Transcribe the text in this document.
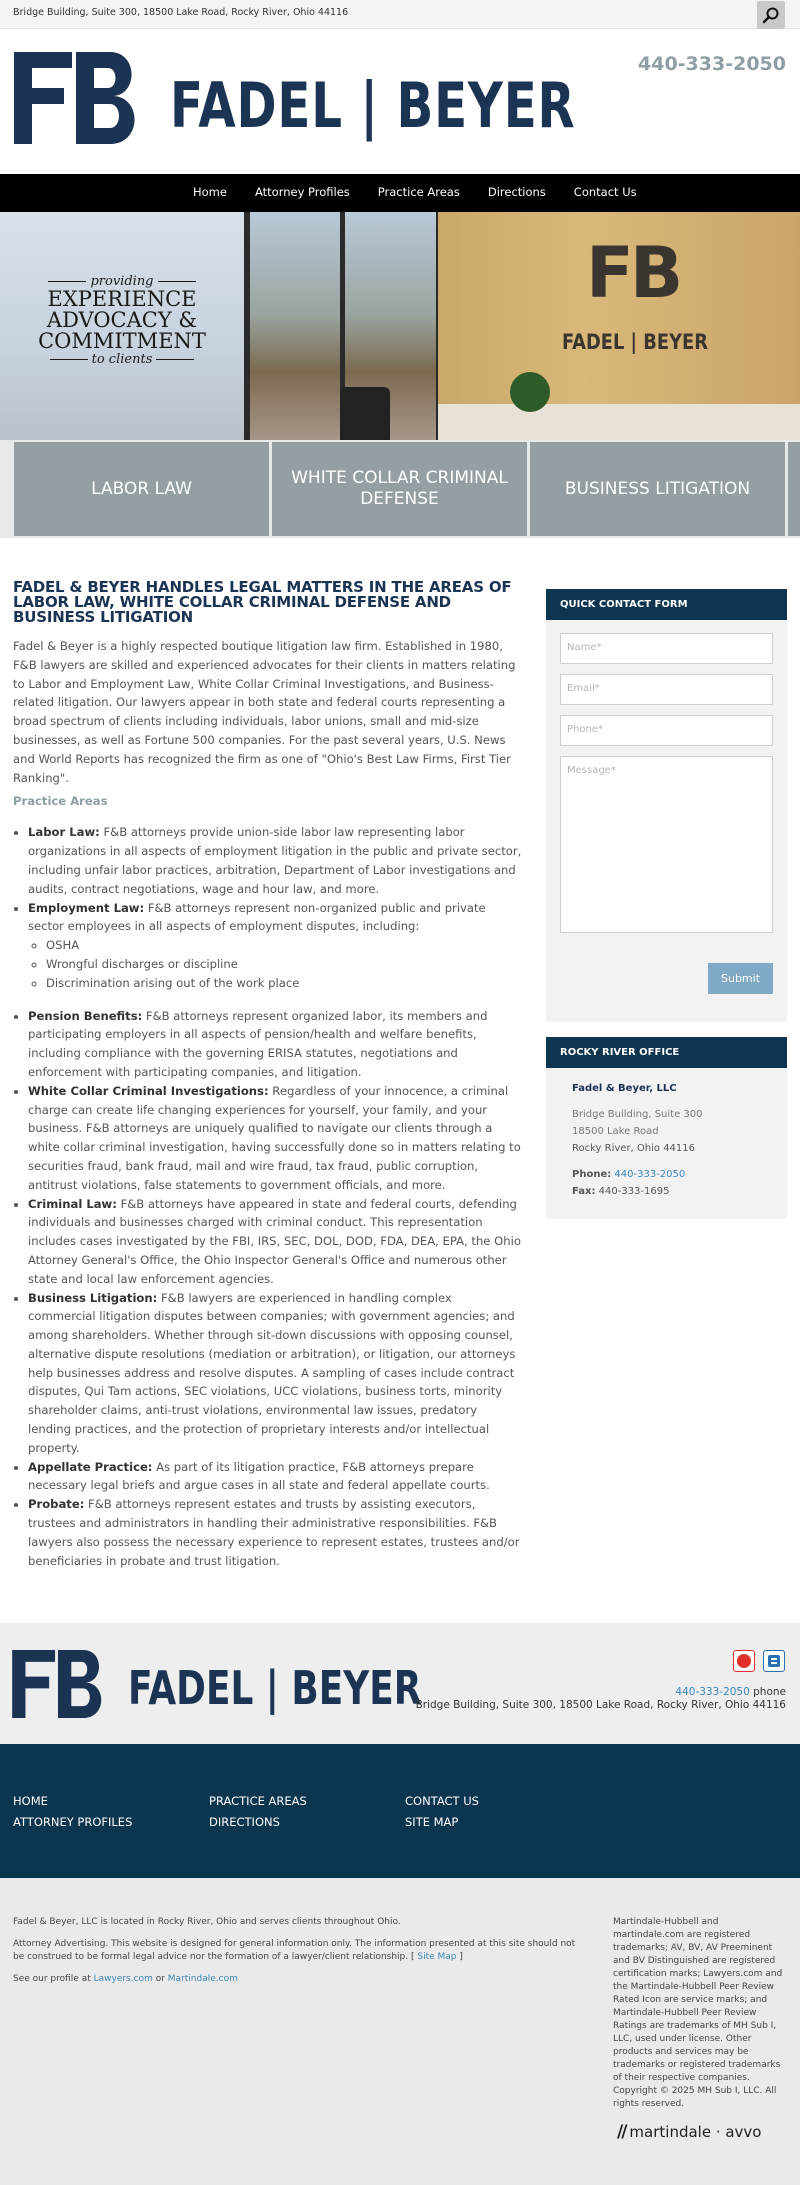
Bridge Building, Suite 300, 18500 Lake Road, Rocky River, Ohio 44116
FADEL | BEYER
440-333-2050
Home Attorney Profiles Practice Areas Directions Contact Us
providing
EXPERIENCE
ADVOCACY &
COMMITMENT
to clients
FB
FADEL | BEYER
LABOR LAW
WHITE COLLAR CRIMINAL DEFENSE
BUSINESS LITIGATION
FADEL & BEYER HANDLES LEGAL MATTERS IN THE AREAS OF LABOR LAW, WHITE COLLAR CRIMINAL DEFENSE AND BUSINESS LITIGATION

Fadel & Beyer is a highly respected boutique litigation law firm. Established in 1980, F&B lawyers are skilled and experienced advocates for their clients in matters relating to Labor and Employment Law, White Collar Criminal Investigations, and Business-related litigation. Our lawyers appear in both state and federal courts representing a broad spectrum of clients including individuals, labor unions, small and mid-size businesses, as well as Fortune 500 companies. For the past several years, U.S. News and World Reports has recognized the firm as one of "Ohio's Best Law Firms, First Tier Ranking".

Practice Areas
• Labor Law: F&B attorneys provide union-side labor law representing labor organizations in all aspects of employment litigation in the public and private sector, including unfair labor practices, arbitration, Department of Labor investigations and audits, contract negotiations, wage and hour law, and more.
• Employment Law: F&B attorneys represent non-organized public and private sector employees in all aspects of employment disputes, including:
◦ OSHA
◦ Wrongful discharges or discipline
◦ Discrimination arising out of the work place
• Pension Benefits: F&B attorneys represent organized labor, its members and participating employers in all aspects of pension/health and welfare benefits, including compliance with the governing ERISA statutes, negotiations and enforcement with participating companies, and litigation.
• White Collar Criminal Investigations: Regardless of your innocence, a criminal charge can create life changing experiences for yourself, your family, and your business. F&B attorneys are uniquely qualified to navigate our clients through a white collar criminal investigation, having successfully done so in matters relating to securities fraud, bank fraud, mail and wire fraud, tax fraud, public corruption, antitrust violations, false statements to government officials, and more.
• Criminal Law: F&B attorneys have appeared in state and federal courts, defending individuals and businesses charged with criminal conduct. This representation includes cases investigated by the FBI, IRS, SEC, DOL, DOD, FDA, DEA, EPA, the Ohio Attorney General's Office, the Ohio Inspector General's Office and numerous other state and local law enforcement agencies.
• Business Litigation: F&B lawyers are experienced in handling complex commercial litigation disputes between companies; with government agencies; and among shareholders. Whether through sit-down discussions with opposing counsel, alternative dispute resolutions (mediation or arbitration), or litigation, our attorneys help businesses address and resolve disputes. A sampling of cases include contract disputes, Qui Tam actions, SEC violations, UCC violations, business torts, minority shareholder claims, anti-trust violations, environmental law issues, predatory lending practices, and the protection of proprietary interests and/or intellectual property.
• Appellate Practice: As part of its litigation practice, F&B attorneys prepare necessary legal briefs and argue cases in all state and federal appellate courts.
• Probate: F&B attorneys represent estates and trusts by assisting executors, trustees and administrators in handling their administrative responsibilities. F&B lawyers also possess the necessary experience to represent estates, trustees and/or beneficiaries in probate and trust litigation.
QUICK CONTACT FORM
Name*
Email*
Phone*
Message*
Submit
ROCKY RIVER OFFICE
Fadel & Beyer, LLC
Bridge Building, Suite 300
18500 Lake Road
Rocky River, Ohio 44116
Phone: 440-333-2050
Fax: 440-333-1695
FADEL | BEYER	440-333-2050 phone
Bridge Building, Suite 300, 18500 Lake Road, Rocky River, Ohio 44116
HOME
ATTORNEY PROFILES
PRACTICE AREAS
DIRECTIONS
CONTACT US
SITE MAP

Fadel & Beyer, LLC is located in Rocky River, Ohio and serves clients throughout Ohio.

Attorney Advertising. This website is designed for general information only. The information presented at this site should not be construed to be formal legal advice nor the formation of a lawyer/client relationship. [ Site Map ]

See our profile at Lawyers.com or Martindale.com

Martindale-Hubbell and martindale.com are registered trademarks; AV, BV, AV Preeminent and BV Distinguished are registered certification marks; Lawyers.com and the Martindale-Hubbell Peer Review Rated Icon are service marks; and Martindale-Hubbell Peer Review Ratings are trademarks of MH Sub I, LLC, used under license. Other products and services may be trademarks or registered trademarks of their respective companies. Copyright © 2025 MH Sub I, LLC. All rights reserved.
// martindale · avvo
